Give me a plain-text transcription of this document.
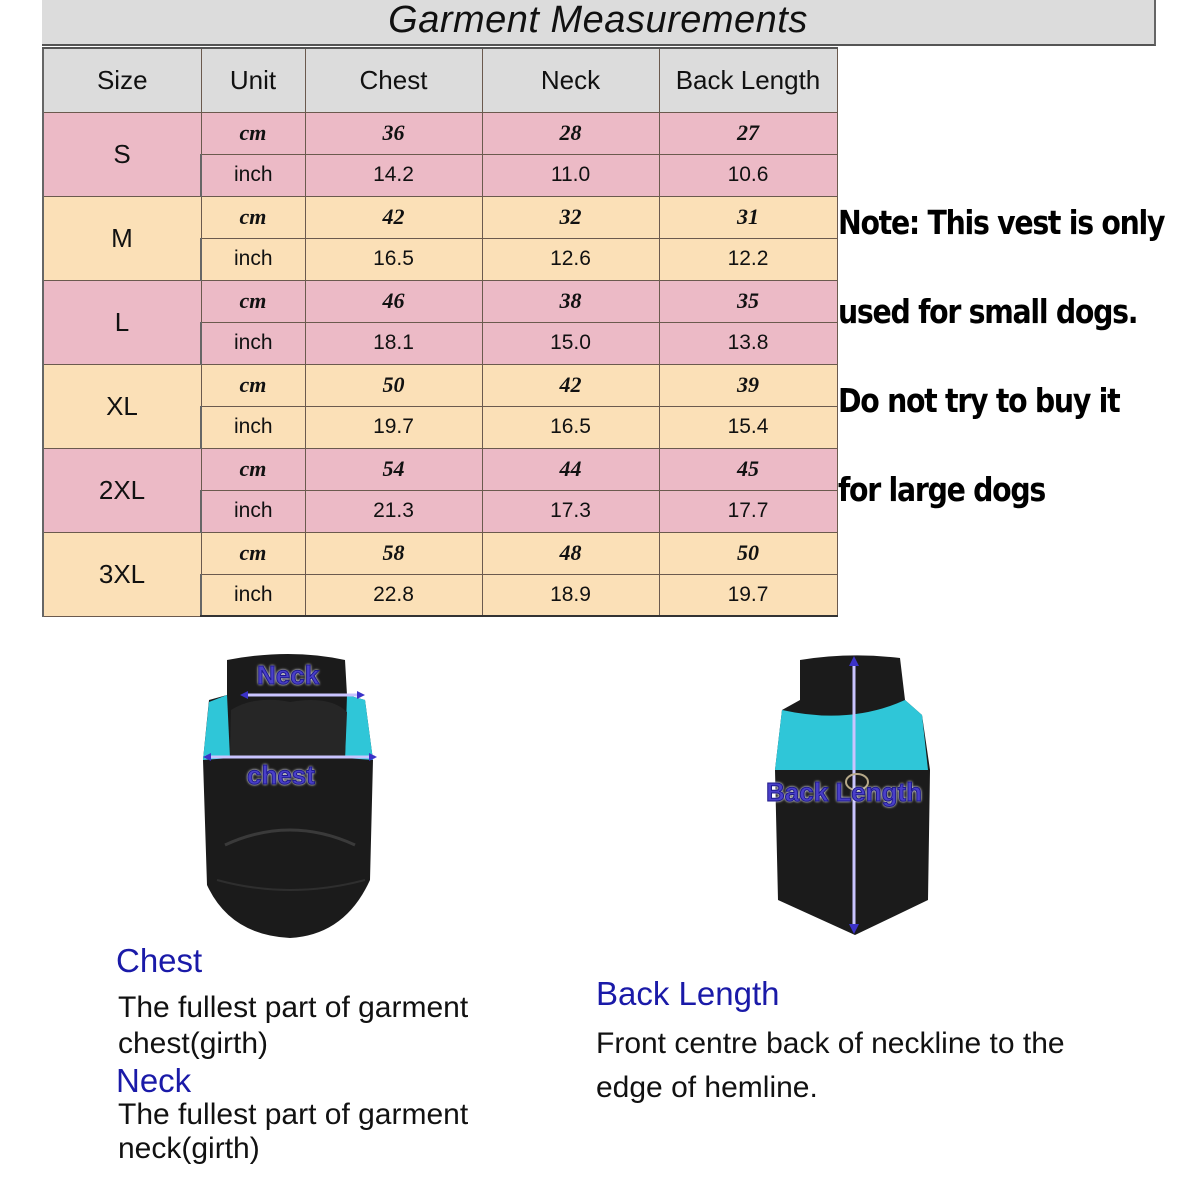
Garment Measurements
Size	Unit	Chest	Neck	Back Length
S	cm	36	28	27
	inch	14.2	11.0	10.6
M	cm	42	32	31
	inch	16.5	12.6	12.2
L	cm	46	38	35
	inch	18.1	15.0	13.8
XL	cm	50	42	39
	inch	19.7	16.5	15.4
2XL	cm	54	44	45
	inch	21.3	17.3	17.7
3XL	cm	58	48	50
	inch	22.8	18.9	19.7
Note: This vest is only
used for small dogs.
Do not try to buy it
for large dogs
Neck
chest
Back Length
Chest
The fullest part of garment
chest(girth)
Neck
The fullest part of garment
neck(girth)
Back Length
Front centre back of neckline to the
edge of hemline.
